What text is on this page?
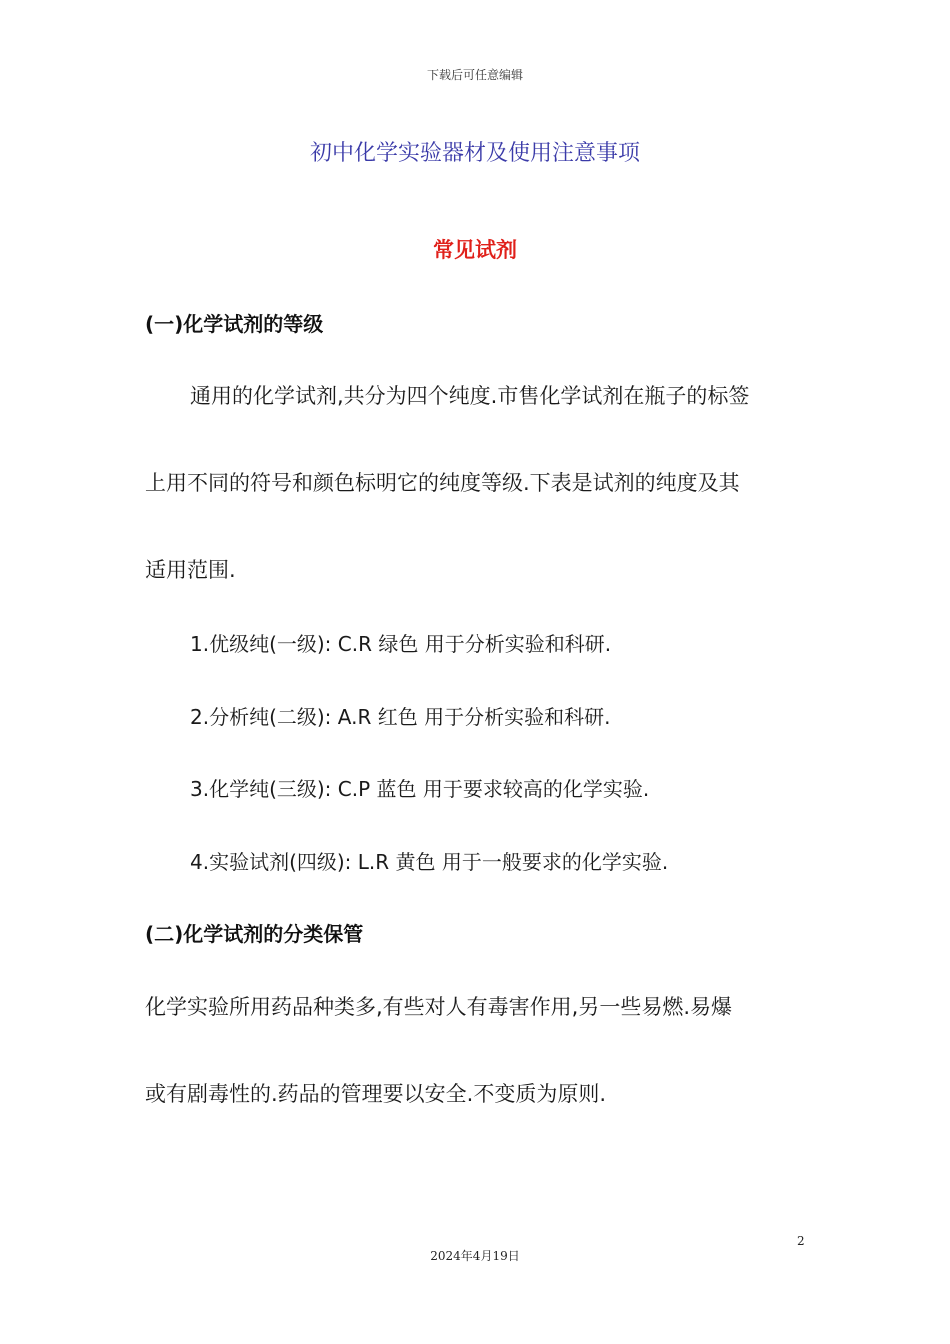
下载后可任意编辑
初中化学实验器材及使用注意事项
常见试剂
(一)化学试剂的等级
通用的化学试剂,共分为四个纯度.市售化学试剂在瓶子的标签
上用不同的符号和颜色标明它的纯度等级.下表是试剂的纯度及其
适用范围.
1.优级纯(一级): C.R 绿色 用于分析实验和科研.
2.分析纯(二级): A.R 红色 用于分析实验和科研.
3.化学纯(三级): C.P 蓝色 用于要求较高的化学实验.
4.实验试剂(四级): L.R 黄色 用于一般要求的化学实验.
(二)化学试剂的分类保管
化学实验所用药品种类多,有些对人有毒害作用,另一些易燃.易爆
或有剧毒性的.药品的管理要以安全.不变质为原则.
2
2024年4月19日
